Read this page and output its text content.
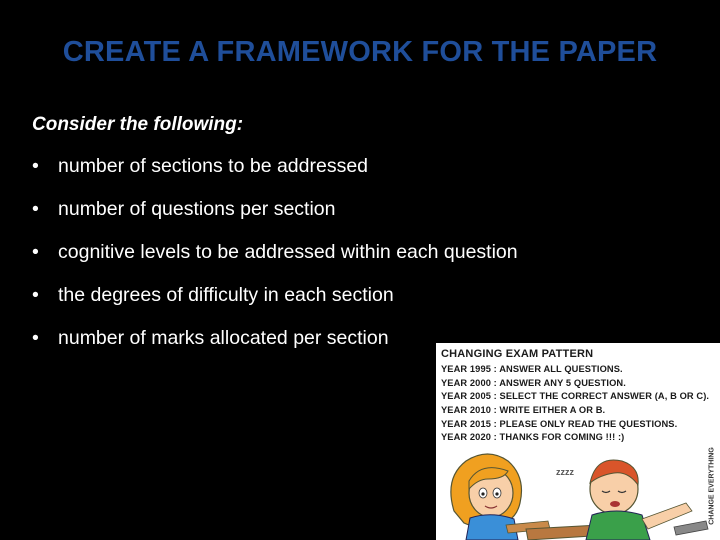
CREATE A FRAMEWORK FOR THE PAPER
Consider the following:
• number of sections to be addressed
• number of questions per section
• cognitive levels to be addressed within each question
• the degrees of difficulty in each section
• number of marks allocated per section
zzzz
CHANGING EXAM PATTERN
YEAR 1995 : ANSWER ALL QUESTIONS.
YEAR 2000 : ANSWER ANY 5 QUESTION.
YEAR 2005 : SELECT THE CORRECT ANSWER (A, B OR C).
YEAR 2010 : WRITE EITHER A OR B.
YEAR 2015 : PLEASE ONLY READ THE QUESTIONS.
YEAR 2020 : THANKS FOR COMING !!! :)
CHANGE EVERYTHING
